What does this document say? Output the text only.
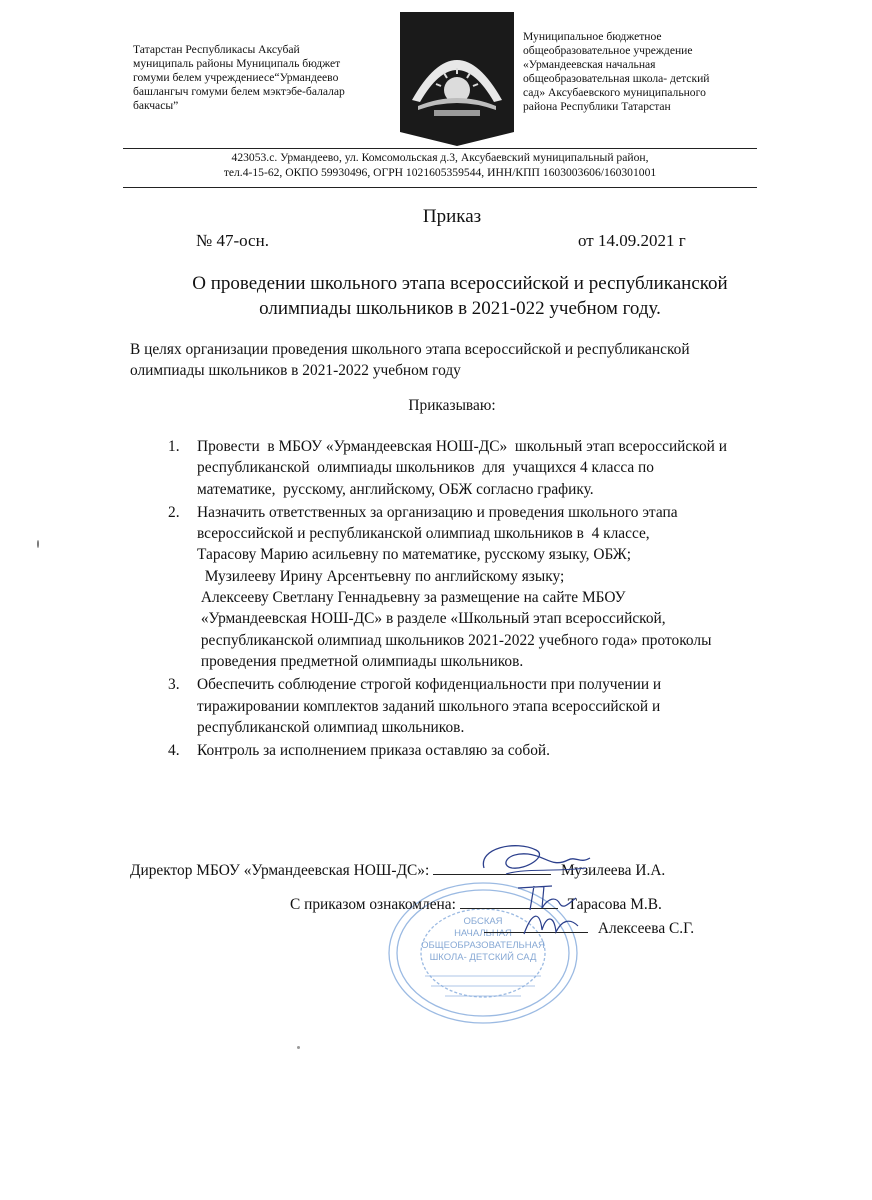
Татарстан Республикасы Аксубай
муниципаль районы Муниципаль бюджет
гомуми белем учреждениесе“Урмандеево
башлангыч гомуми белем мэктэбе-балалар
бакчасы”
Муниципальное бюджетное
общеобразовательное учреждение
«Урмандеевская начальная
общеобразовательная школа- детский
сад» Аксубаевского муниципального
района Республики Татарстан
423053.с. Урмандеево, ул. Комсомольская д.3, Аксубаевский муниципальный район,
тел.4-15-62, ОКПО 59930496, ОГРН 1021605359544, ИНН/КПП 1603003606/160301001
Приказ
№ 47-осн.	от 14.09.2021 г
О проведении школьного этапа всероссийской и республиканской
олимпиады школьников в 2021-022 учебном году.
В целях организации проведения школьного этапа всероссийской и республиканской
олимпиады школьников в 2021-2022 учебном году
Приказываю:
1. Провести  в МБОУ «Урмандеевская НОШ-ДС»  школьный этап всероссийской и
республиканской  олимпиады школьников  для  учащихся 4 класса по
математике,  русскому, английскому, ОБЖ согласно графику.
2. Назначить ответственных за организацию и проведения школьного этапа
всероссийской и республиканской олимпиад школьников в  4 классе,
Тарасову Марию асильевну по математике, русскому языку, ОБЖ;
Музилееву Ирину Арсентьевну по английскому языку;
Алексееву Светлану Геннадьевну за размещение на сайте МБОУ
«Урмандеевская НОШ-ДС» в разделе «Школьный этап всероссийской,
республиканской олимпиад школьников 2021-2022 учебного года» протоколы
проведения предметной олимпиады школьников.
3. Обеспечить соблюдение строгой кофиденциальности при получении и
тиражировании комплектов заданий школьного этапа всероссийской и
республиканской олимпиад школьников.
4. Контроль за исполнением приказа оставляю за собой.
ОБСКАЯ
НАЧАЛЬНАЯ
ОБЩЕОБРАЗОВАТЕЛЬНАЯ
ШКОЛА- ДЕТСКИЙ САД
Директор МБОУ «Урмандеевская НОШ-ДС»:	Музилеева И.А.
С приказом ознакомлена:	Тарасова М.В.
Алексеева С.Г.
